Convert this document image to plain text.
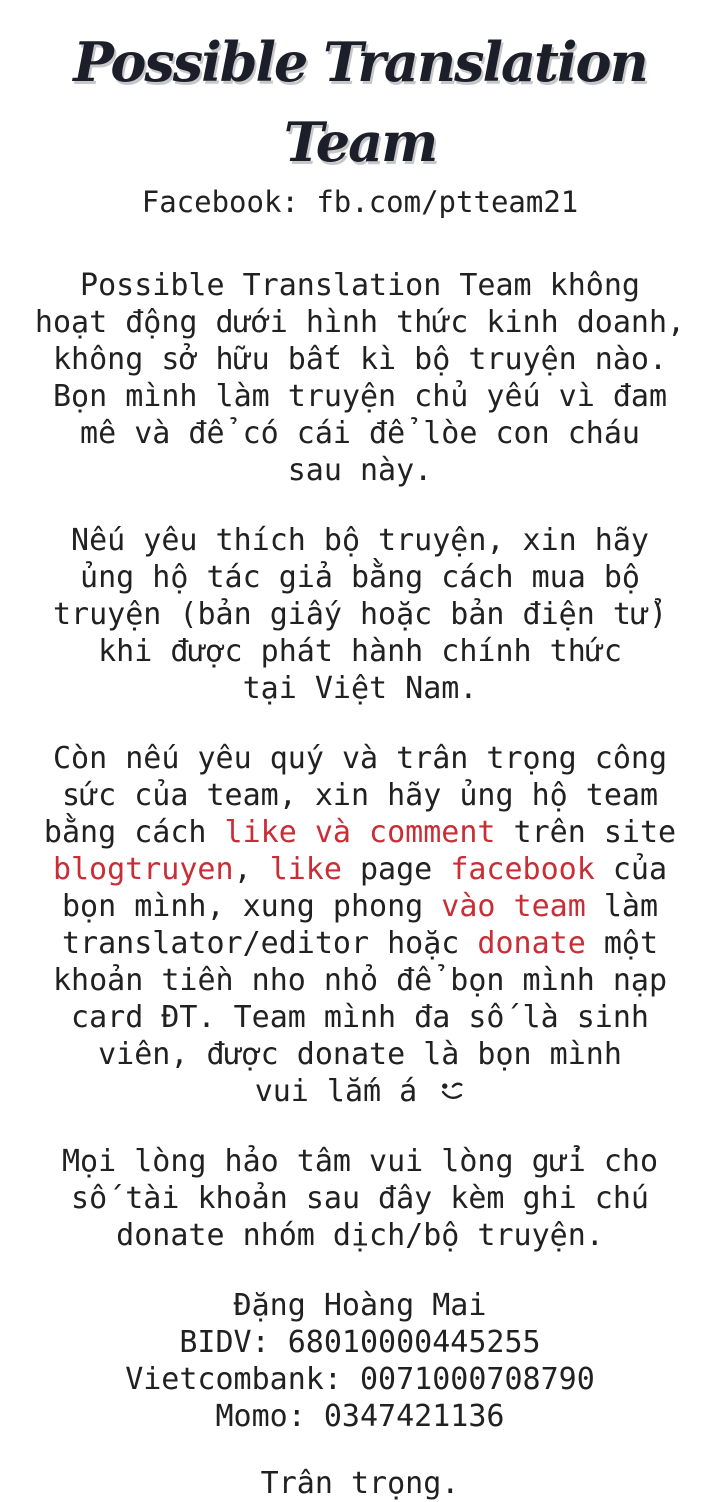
Possible Translation Team
Facebook: fb.com/ptteam21
Possible Translation Team không
hoạt động dưới hình thức kinh doanh,
không sở hữu bất kì bộ truyện nào.
Bọn mình làm truyện chủ yếu vì đam
mê và để có cái để lòe con cháu
sau này.
Nếu yêu thích bộ truyện, xin hãy
ủng hộ tác giả bằng cách mua bộ
truyện (bản giấy hoặc bản điện tử)
khi được phát hành chính thức
tại Việt Nam.
Còn nếu yêu quý và trân trọng công
sức của team, xin hãy ủng hộ team
bằng cách like và comment trên site
blogtruyen, like page facebook của
bọn mình, xung phong vào team làm
translator/editor hoặc donate một
khoản tiền nho nhỏ để bọn mình nạp
card ĐT. Team mình đa số là sinh
viên, được donate là bọn mình
vui lắm á
Mọi lòng hảo tâm vui lòng gửi cho
số tài khoản sau đây kèm ghi chú
donate nhóm dịch/bộ truyện.
Đặng Hoàng Mai
BIDV: 68010000445255
Vietcombank: 0071000708790
Momo: 0347421136
Trân trọng.
